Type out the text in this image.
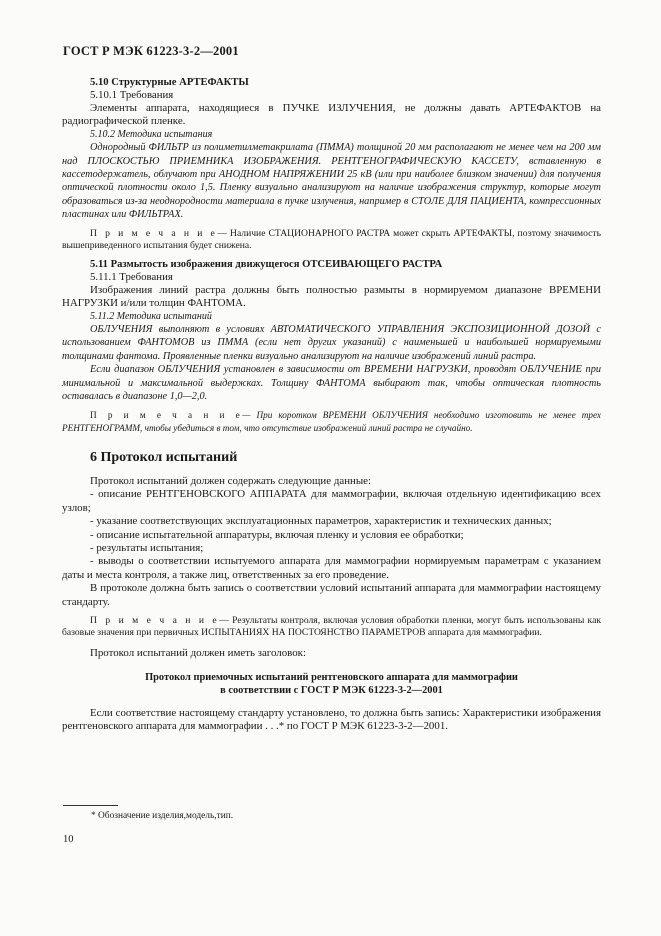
ГОСТ Р МЭК 61223-3-2—2001

5.10 Структурные АРТЕФАКТЫ

5.10.1 Требования

Элементы аппарата, находящиеся в ПУЧКЕ ИЗЛУЧЕНИЯ, не должны давать АРТЕФАКТОВ на радиографической пленке.

5.10.2 Методика испытания

Однородный ФИЛЬТР из полиметилметакрилата (ПММА) толщиной 20 мм располагают не менее чем на 200 мм над ПЛОСКОСТЬЮ ПРИЕМНИКА ИЗОБРАЖЕНИЯ. РЕНТГЕНОГРАФИЧЕСКУЮ КАССЕТУ, вставленную в кассетодержатель, облучают при АНОДНОМ НАПРЯЖЕНИИ 25 кВ (или при наиболее близком значении) для получения оптической плотности около 1,5. Пленку визуально анализируют на наличие изображения структур, которые могут образоваться из-за неоднородности материала в пучке излучения, например в СТОЛЕ ДЛЯ ПАЦИЕНТА, компрессионных пластинах или ФИЛЬТРАХ.

П р и м е ч а н и е— Наличие СТАЦИОНАРНОГО РАСТРА может скрыть АРТЕФАКТЫ, поэтому значимость вышеприведенного испытания будет снижена.

5.11 Размытость изображения движущегося ОТСЕИВАЮЩЕГО РАСТРА

5.11.1 Требования

Изображения линий растра должны быть полностью размыты в нормируемом диапазоне ВРЕМЕНИ НАГРУЗКИ и/или толщин ФАНТОМА.

5.11.2 Методика испытаний

ОБЛУЧЕНИЯ выполняют в условиях АВТОМАТИЧЕСКОГО УПРАВЛЕНИЯ ЭКСПОЗИЦИОННОЙ ДОЗОЙ с использованием ФАНТОМОВ из ПММА (если нет других указаний) с наименьшей и наибольшей нормируемыми толщинами фантома. Проявленные пленки визуально анализируют на наличие изображений линий растра.

Если диапазон ОБЛУЧЕНИЯ установлен в зависимости от ВРЕМЕНИ НАГРУЗКИ, проводят ОБЛУЧЕНИЕ при минимальной и максимальной выдержках. Толщину ФАНТОМА выбирают так, чтобы оптическая плотность оставалась в диапазоне 1,0—2,0.

П р и м е ч а н и е— При коротком ВРЕМЕНИ ОБЛУЧЕНИЯ необходимо изготовить не менее трех РЕНТГЕНОГРАММ, чтобы убедиться в том, что отсутствие изображений линий растра не случайно.

6 Протокол испытаний

Протокол испытаний должен содержать следующие данные:

- описание РЕНТГЕНОВСКОГО АППАРАТА для маммографии, включая отдельную идентификацию всех узлов;

- указание соответствующих эксплуатационных параметров, характеристик и технических данных;

- описание испытательной аппаратуры, включая пленку и условия ее обработки;

- результаты испытания;

- выводы о соответствии испытуемого аппарата для маммографии нормируемым параметрам с указанием даты и места контроля, а также лиц, ответственных за его проведение.

В протоколе должна быть запись о соответствии условий испытаний аппарата для маммографии настоящему стандарту.

П р и м е ч а н и е— Результаты контроля, включая условия обработки пленки, могут быть использованы как базовые значения при первичных ИСПЫТАНИЯХ НА ПОСТОЯНСТВО ПАРАМЕТРОВ аппарата для маммографии.

Протокол испытаний должен иметь заголовок:

Протокол приемочных испытаний рентгеновского аппарата для маммографии
в соответствии с ГОСТ Р МЭК 61223-3-2—2001

Если соответствие настоящему стандарту установлено, то должна быть запись: Характеристики изображения рентгеновского аппарата для маммографии . . .* по ГОСТ Р МЭК 61223-3-2—2001.

* Обозначение изделия,модель,тип.
10
